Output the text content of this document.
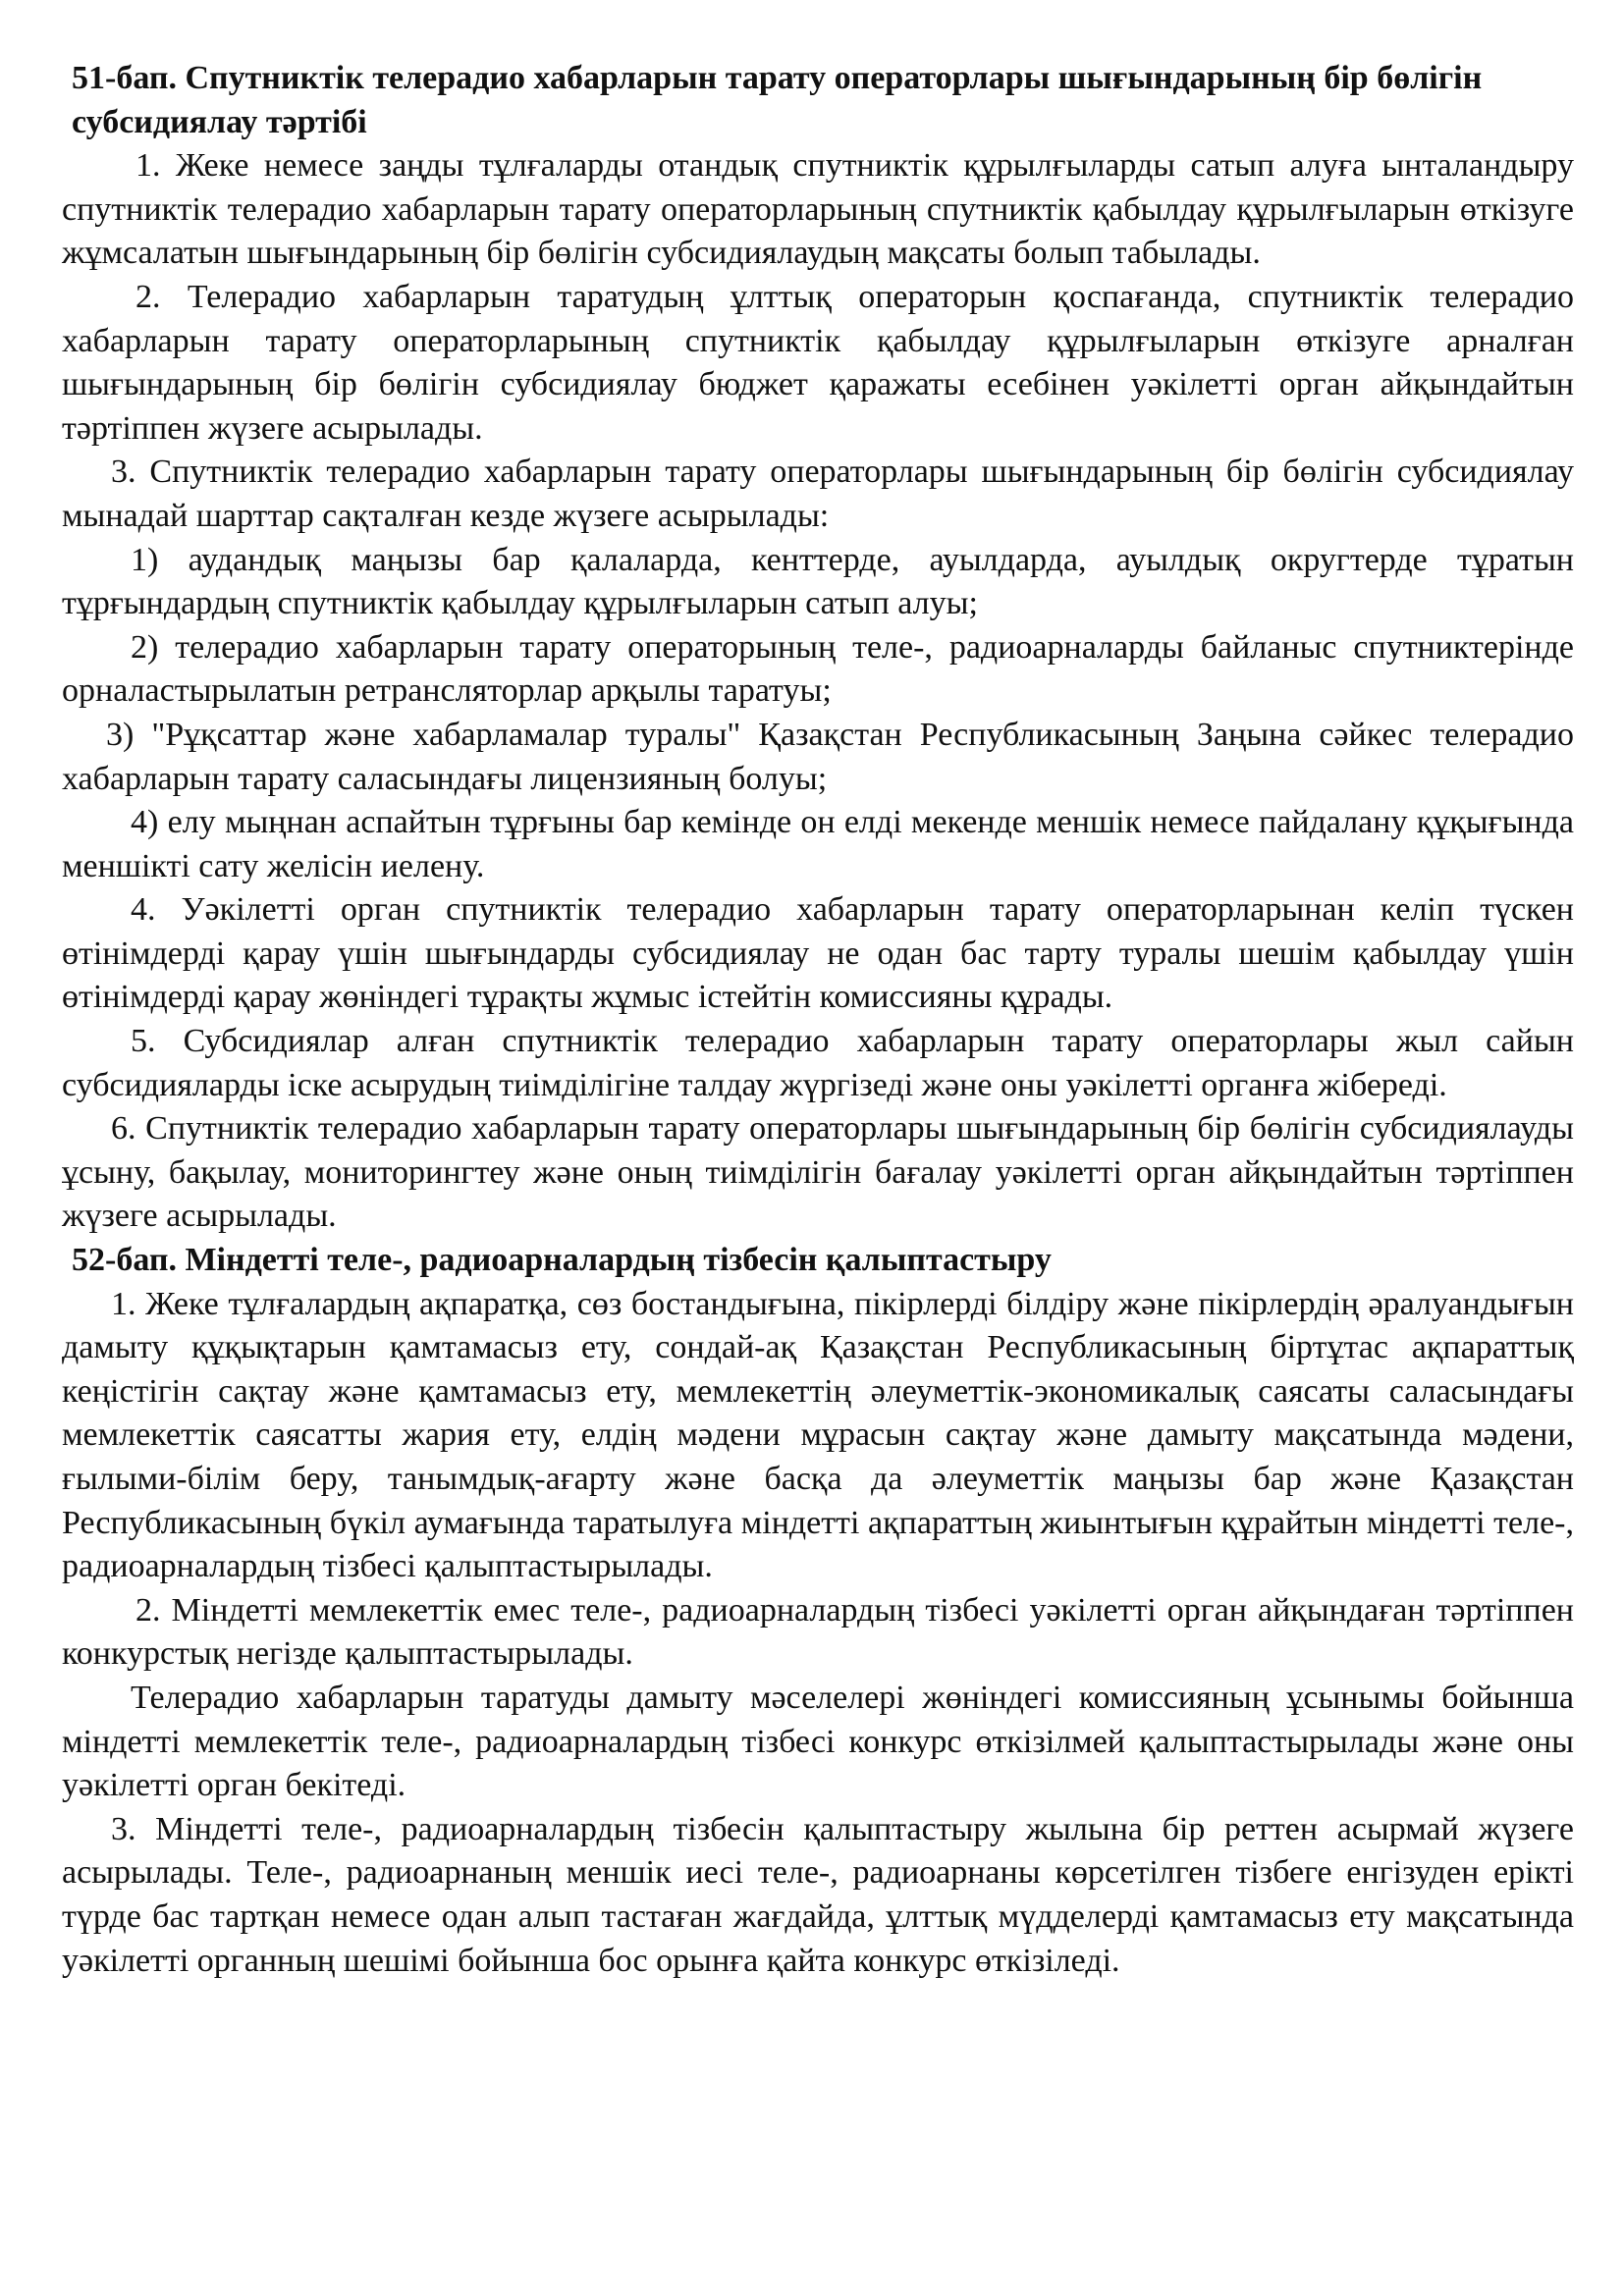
51-бап. Спутниктік телерадио хабарларын тарату операторлары шығындарының бір бөлігін субсидиялау тәртібі

1. Жеке немесе заңды тұлғаларды отандық спутниктік құрылғыларды сатып алуға ынталандыру спутниктік телерадио хабарларын тарату операторларының спутниктік қабылдау құрылғыларын өткізуге жұмсалатын шығындарының бір бөлігін субсидиялаудың мақсаты болып табылады.

2. Телерадио хабарларын таратудың ұлттық операторын қоспағанда, спутниктік телерадио хабарларын тарату операторларының спутниктік қабылдау құрылғыларын өткізуге арналған шығындарының бір бөлігін субсидиялау бюджет қаражаты есебінен уәкілетті орган айқындайтын тәртіппен жүзеге асырылады.

3. Спутниктік телерадио хабарларын тарату операторлары шығындарының бір бөлігін субсидиялау мынадай шарттар сақталған кезде жүзеге асырылады:

1) аудандық маңызы бар қалаларда, кенттерде, ауылдарда, ауылдық округтерде тұратын тұрғындардың спутниктік қабылдау құрылғыларын сатып алуы;

2) телерадио хабарларын тарату операторының теле-, радиоарналарды байланыс спутниктерінде орналастырылатын ретрансляторлар арқылы таратуы;

3) "Рұқсаттар және хабарламалар туралы" Қазақстан Республикасының Заңына сәйкес телерадио хабарларын тарату саласындағы лицензияның болуы;

4) елу мыңнан аспайтын тұрғыны бар кемінде он елді мекенде меншік немесе пайдалану құқығында меншікті сату желісін иелену.

4. Уәкілетті орган спутниктік телерадио хабарларын тарату операторларынан келіп түскен өтінімдерді қарау үшін шығындарды субсидиялау не одан бас тарту туралы шешім қабылдау үшін өтінімдерді қарау жөніндегі тұрақты жұмыс істейтін комиссияны құрады.

5. Субсидиялар алған спутниктік телерадио хабарларын тарату операторлары жыл сайын субсидияларды іске асырудың тиімділігіне талдау жүргізеді және оны уәкілетті органға жібереді.

6. Спутниктік телерадио хабарларын тарату операторлары шығындарының бір бөлігін субсидиялауды ұсыну, бақылау, мониторингтеу және оның тиімділігін бағалау уәкілетті орган айқындайтын тәртіппен жүзеге асырылады.

52-бап. Міндетті теле-, радиоарналардың тізбесін қалыптастыру

1. Жеке тұлғалардың ақпаратқа, сөз бостандығына, пікірлерді білдіру және пікірлердің әралуандығын дамыту құқықтарын қамтамасыз ету, сондай-ақ Қазақстан Республикасының біртұтас ақпараттық кеңістігін сақтау және қамтамасыз ету, мемлекеттің әлеуметтік-экономикалық саясаты саласындағы мемлекеттік саясатты жария ету, елдің мәдени мұрасын сақтау және дамыту мақсатында мәдени, ғылыми-білім беру, танымдық-ағарту және басқа да әлеуметтік маңызы бар және Қазақстан Республикасының бүкіл аумағында таратылуға міндетті ақпараттың жиынтығын құрайтын міндетті теле-, радиоарналардың тізбесі қалыптастырылады.

2. Міндетті мемлекеттік емес теле-, радиоарналардың тізбесі уәкілетті орган айқындаған тәртіппен конкурстық негізде қалыптастырылады.

Телерадио хабарларын таратуды дамыту мәселелері жөніндегі комиссияның ұсынымы бойынша міндетті мемлекеттік теле-, радиоарналардың тізбесі конкурс өткізілмей қалыптастырылады және оны уәкілетті орган бекітеді.

3. Міндетті теле-, радиоарналардың тізбесін қалыптастыру жылына бір реттен асырмай жүзеге асырылады. Теле-, радиоарнаның меншік иесі теле-, радиоарнаны көрсетілген тізбеге енгізуден ерікті түрде бас тартқан немесе одан алып тастаған жағдайда, ұлттық мүдделерді қамтамасыз ету мақсатында уәкілетті органның шешімі бойынша бос орынға қайта конкурс өткізіледі.
